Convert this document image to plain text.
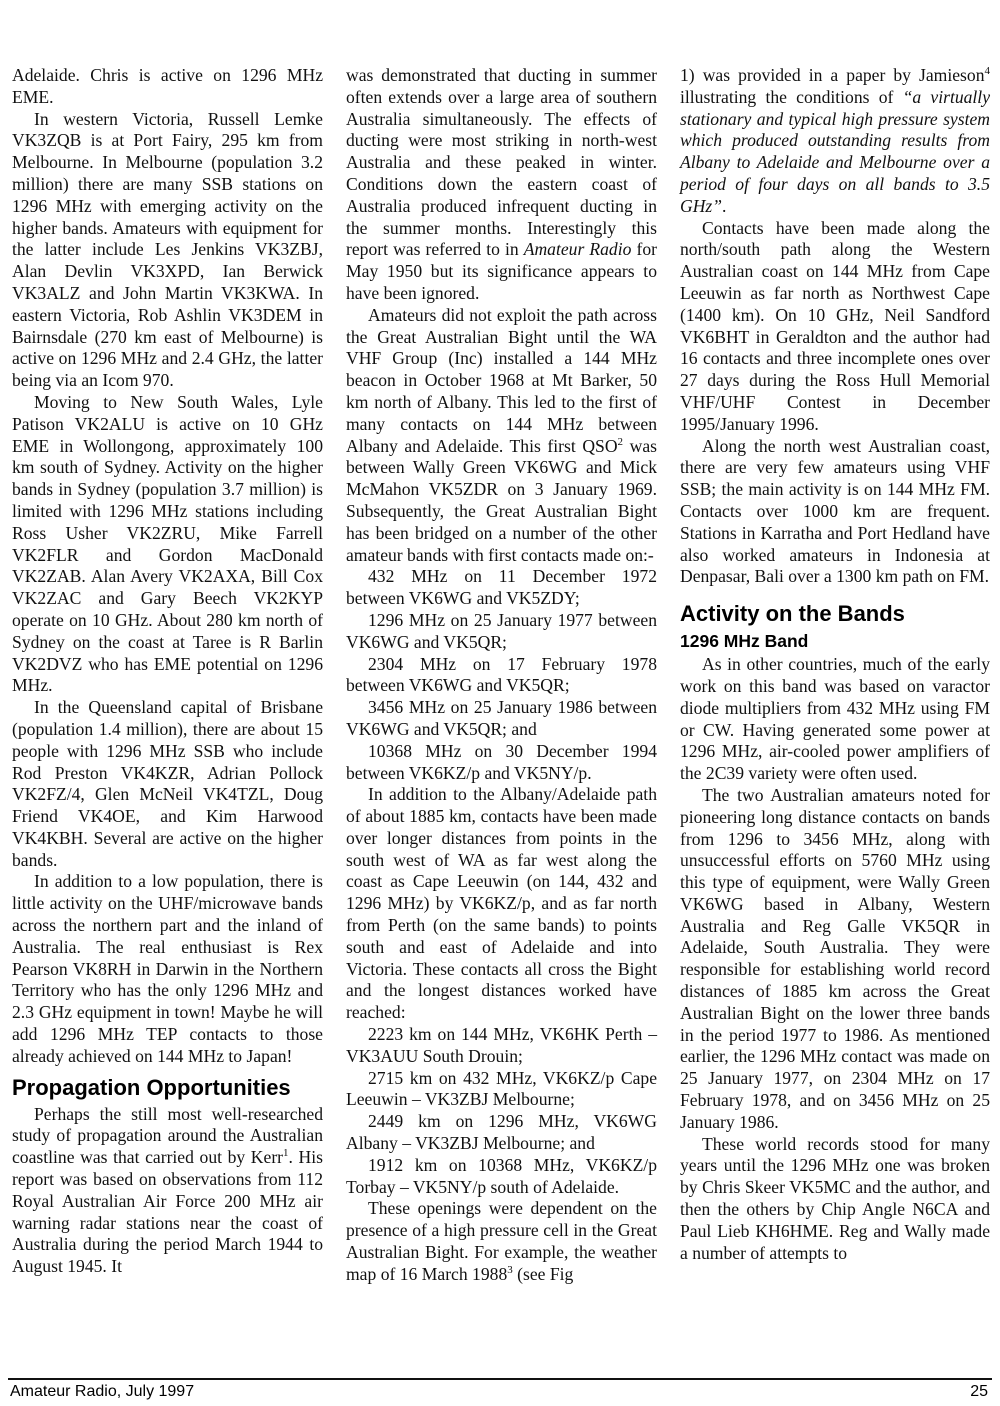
Adelaide. Chris is active on 1296 MHz EME.

In western Victoria, Russell Lemke VK3ZQB is at Port Fairy, 295 km from Melbourne. In Melbourne (population 3.2 million) there are many SSB stations on 1296 MHz with emerging activity on the higher bands. Amateurs with equipment for the latter include Les Jenkins VK3ZBJ, Alan Devlin VK3XPD, Ian Berwick VK3ALZ and John Martin VK3KWA. In eastern Victoria, Rob Ashlin VK3DEM in Bairnsdale (270 km east of Melbourne) is active on 1296 MHz and 2.4 GHz, the latter being via an Icom 970.

Moving to New South Wales, Lyle Patison VK2ALU is active on 10 GHz EME in Wollongong, approximately 100 km south of Sydney. Activity on the higher bands in Sydney (population 3.7 million) is limited with 1296 MHz stations including Ross Usher VK2ZRU, Mike Farrell VK2FLR and Gordon MacDonald VK2ZAB. Alan Avery VK2AXA, Bill Cox VK2ZAC and Gary Beech VK2KYP operate on 10 GHz. About 280 km north of Sydney on the coast at Taree is R Barlin VK2DVZ who has EME potential on 1296 MHz.

In the Queensland capital of Brisbane (population 1.4 million), there are about 15 people with 1296 MHz SSB who include Rod Preston VK4KZR, Adrian Pollock VK2FZ/4, Glen McNeil VK4TZL, Doug Friend VK4OE, and Kim Harwood VK4KBH. Several are active on the higher bands.

In addition to a low population, there is little activity on the UHF/microwave bands across the northern part and the inland of Australia. The real enthusiast is Rex Pearson VK8RH in Darwin in the Northern Territory who has the only 1296 MHz and 2.3 GHz equipment in town! Maybe he will add 1296 MHz TEP contacts to those already achieved on 144 MHz to Japan!

Propagation Opportunities

Perhaps the still most well-researched study of propagation around the Australian coastline was that carried out by Kerr$^1$. His report was based on observations from 112 Royal Australian Air Force 200 MHz air warning radar stations near the coast of Australia during the period March 1944 to August 1945. It

was demonstrated that ducting in summer often extends over a large area of southern Australia simultaneously. The effects of ducting were most striking in north-west Australia and these peaked in winter. Conditions down the eastern coast of Australia produced infrequent ducting in the summer months. Interestingly this report was referred to in Amateur Radio for May 1950 but its significance appears to have been ignored.

Amateurs did not exploit the path across the Great Australian Bight until the WA VHF Group (Inc) installed a 144 MHz beacon in October 1968 at Mt Barker, 50 km north of Albany. This led to the first of many contacts on 144 MHz between Albany and Adelaide. This first QSO$^2$ was between Wally Green VK6WG and Mick McMahon VK5ZDR on 3 January 1969. Subsequently, the Great Australian Bight has been bridged on a number of the other amateur bands with first contacts made on:-

432 MHz on 11 December 1972 between VK6WG and VK5ZDY;

1296 MHz on 25 January 1977 between VK6WG and VK5QR;

2304 MHz on 17 February 1978 between VK6WG and VK5QR;

3456 MHz on 25 January 1986 between VK6WG and VK5QR; and

10368 MHz on 30 December 1994 between VK6KZ/p and VK5NY/p.

In addition to the Albany/Adelaide path of about 1885 km, contacts have been made over longer distances from points in the south west of WA as far west along the coast as Cape Leeuwin (on 144, 432 and 1296 MHz) by VK6KZ/p, and as far north from Perth (on the same bands) to points south and east of Adelaide and into Victoria. These contacts all cross the Bight and the longest distances worked have reached:

2223 km on 144 MHz, VK6HK Perth – VK3AUU South Drouin;

2715 km on 432 MHz, VK6KZ/p Cape Leeuwin – VK3ZBJ Melbourne;

2449 km on 1296 MHz, VK6WG Albany – VK3ZBJ Melbourne; and

1912 km on 10368 MHz, VK6KZ/p Torbay – VK5NY/p south of Adelaide.

These openings were dependent on the presence of a high pressure cell in the Great Australian Bight. For example, the weather map of 16 March 1988$^3$ (see Fig

1) was provided in a paper by Jamieson$^4$ illustrating the conditions of “a virtually stationary and typical high pressure system which produced outstanding results from Albany to Adelaide and Melbourne over a period of four days on all bands to 3.5 GHz”.

Contacts have been made along the north/south path along the Western Australian coast on 144 MHz from Cape Leeuwin as far north as Northwest Cape (1400 km). On 10 GHz, Neil Sandford VK6BHT in Geraldton and the author had 16 contacts and three incomplete ones over 27 days during the Ross Hull Memorial VHF/UHF Contest in December 1995/January 1996.

Along the north west Australian coast, there are very few amateurs using VHF SSB; the main activity is on 144 MHz FM. Contacts over 1000 km are frequent. Stations in Karratha and Port Hedland have also worked amateurs in Indonesia at Denpasar, Bali over a 1300 km path on FM.

Activity on the Bands
1296 MHz Band

As in other countries, much of the early work on this band was based on varactor diode multipliers from 432 MHz using FM or CW. Having generated some power at 1296 MHz, air-cooled power amplifiers of the 2C39 variety were often used.

The two Australian amateurs noted for pioneering long distance contacts on bands from 1296 to 3456 MHz, along with unsuccessful efforts on 5760 MHz using this type of equipment, were Wally Green VK6WG based in Albany, Western Australia and Reg Galle VK5QR in Adelaide, South Australia. They were responsible for establishing world record distances of 1885 km across the Great Australian Bight on the lower three bands in the period 1977 to 1986. As mentioned earlier, the 1296 MHz contact was made on 25 January 1977, on 2304 MHz on 17 February 1978, and on 3456 MHz on 25 January 1986.

These world records stood for many years until the 1296 MHz one was broken by Chris Skeer VK5MC and the author, and then the others by Chip Angle N6CA and Paul Lieb KH6HME. Reg and Wally made a number of attempts to

Amateur Radio, July 1997	25
